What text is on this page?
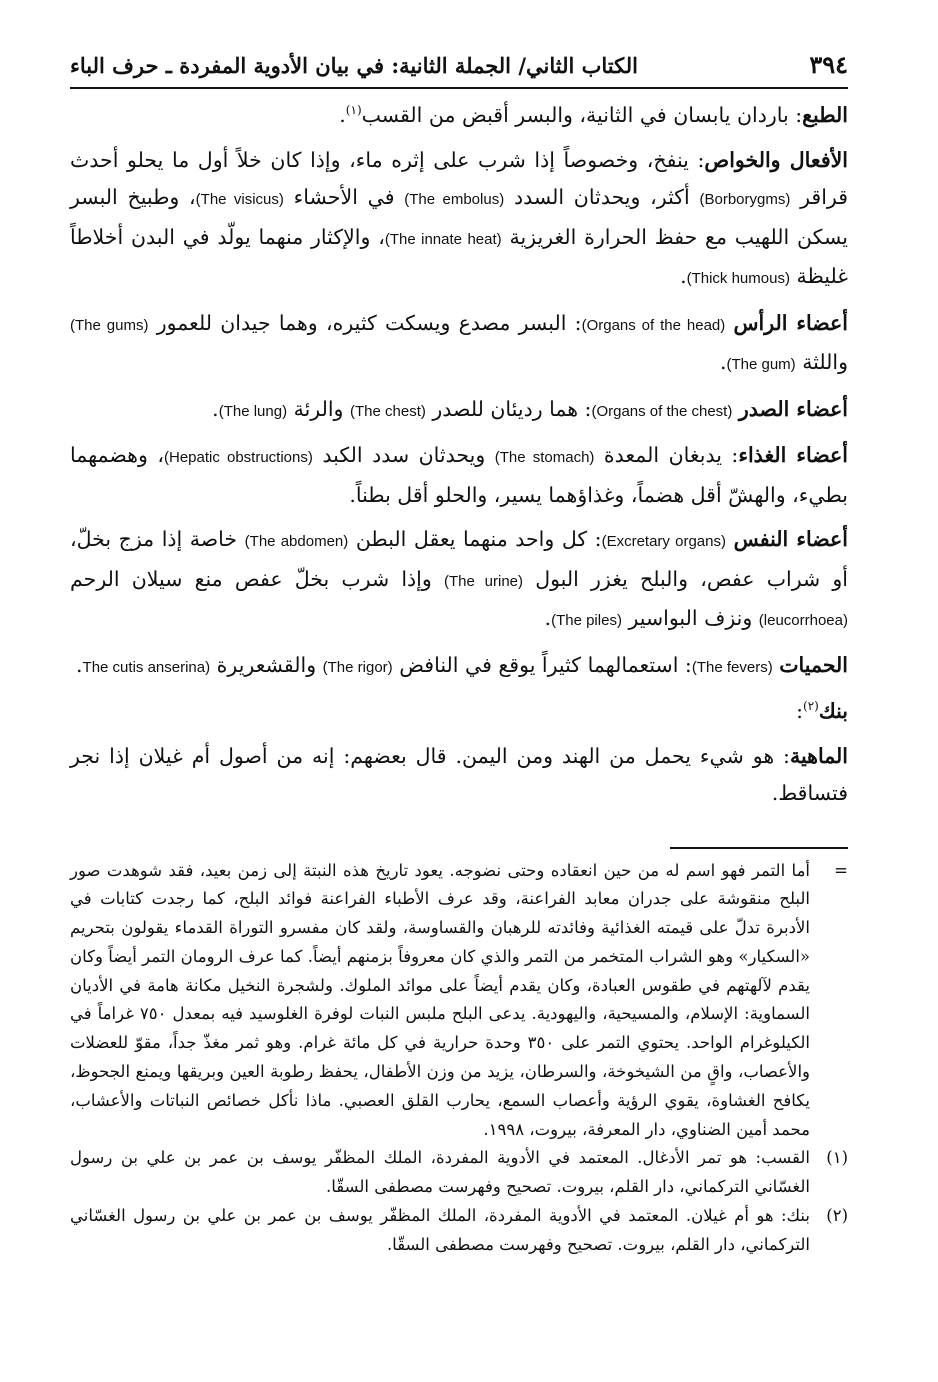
٣٩٤
الكتاب الثاني/ الجملة الثانية: في بيان الأدوية المفردة ـ حرف الباء

الطبع: باردان يابسان في الثانية، والبسر أقبض من القسب$^{(١)}$.

الأفعال والخواص: ينفخ، وخصوصاً إذا شرب على إثره ماء، وإذا كان خلاً أول ما يحلو أحدث قراقر (Borborygms) أكثر، ويحدثان السدد (The embolus) في الأحشاء (The visicus)، وطبيخ البسر يسكن اللهيب مع حفظ الحرارة الغريزية (The innate heat)، والإكثار منهما يولّد في البدن أخلاطاً غليظة (Thick humous).

أعضاء الرأس (Organs of the head): البسر مصدع ويسكت كثيره، وهما جيدان للعمور (The gums) واللثة (The gum).

أعضاء الصدر (Organs of the chest): هما رديئان للصدر (The chest) والرئة (The lung).

أعضاء الغذاء: يدبغان المعدة (The stomach) ويحدثان سدد الكبد (Hepatic obstructions)، وهضمهما بطيء، والهشّ أقل هضماً، وغذاؤهما يسير، والحلو أقل بطناً.

أعضاء النفس (Excretary organs): كل واحد منهما يعقل البطن (The abdomen) خاصة إذا مزج بخلّ، أو شراب عفص، والبلح يغزر البول (The urine) وإذا شرب بخلّ عفص منع سيلان الرحم (leucorrhoea) ونزف البواسير (The piles).

الحميات (The fevers): استعمالهما كثيراً يوقع في النافض (The rigor) والقشعريرة The cutis anserina).

بنك$^{(٢)}$:

الماهية: هو شيء يحمل من الهند ومن اليمن. قال بعضهم: إنه من أصول أم غيلان إذا نجر فتساقط.

=
أما التمر فهو اسم له من حين انعقاده وحتى نضوجه. يعود تاريخ هذه النبتة إلى زمن بعيد، فقد شوهدت صور البلح منقوشة على جدران معابد الفراعنة، وقد عرف الأطباء الفراعنة فوائد البلح، كما رجدت كتابات في الأدبرة تدلّ على قيمته الغذائية وفائدته للرهبان والقساوسة، ولقد كان مفسرو التوراة القدماء يقولون بتحريم «السكيار» وهو الشراب المتخمر من التمر والذي كان معروفاً بزمنهم أيضاً. كما عرف الرومان التمر أيضاً وكان يقدم لآلهتهم في طقوس العبادة، وكان يقدم أيضاً على موائد الملوك. ولشجرة النخيل مكانة هامة في الأديان السماوية: الإسلام، والمسيحية، واليهودية. يدعى البلح ملبس النبات لوفرة الغلوسيد فيه بمعدل ٧٥٠ غراماً في الكيلوغرام الواحد. يحتوي التمر على ٣٥٠ وحدة حرارية في كل مائة غرام. وهو ثمر مغذّ جداً، مقوّ للعضلات والأعصاب، واقٍ من الشيخوخة، والسرطان، يزيد من وزن الأطفال، يحفظ رطوبة العين وبريقها ويمنع الجحوظ، يكافح الغشاوة، يقوي الرؤية وأعصاب السمع، يحارب القلق العصبي. ماذا نأكل خصائص النباتات والأعشاب، محمد أمين الضناوي، دار المعرفة، بيروت، ١٩٩٨.
(١)
القسب: هو تمر الأدغال. المعتمد في الأدوية المفردة، الملك المظفّر يوسف بن عمر بن علي بن رسول الغسّاني التركماني، دار القلم، بيروت. تصحيح وفهرست مصطفى السقّا.
(٢)
بنك: هو أم غيلان. المعتمد في الأدوية المفردة، الملك المظفّر يوسف بن عمر بن علي بن رسول الغسّاني التركماني، دار القلم، بيروت. تصحيح وفهرست مصطفى السقّا.
